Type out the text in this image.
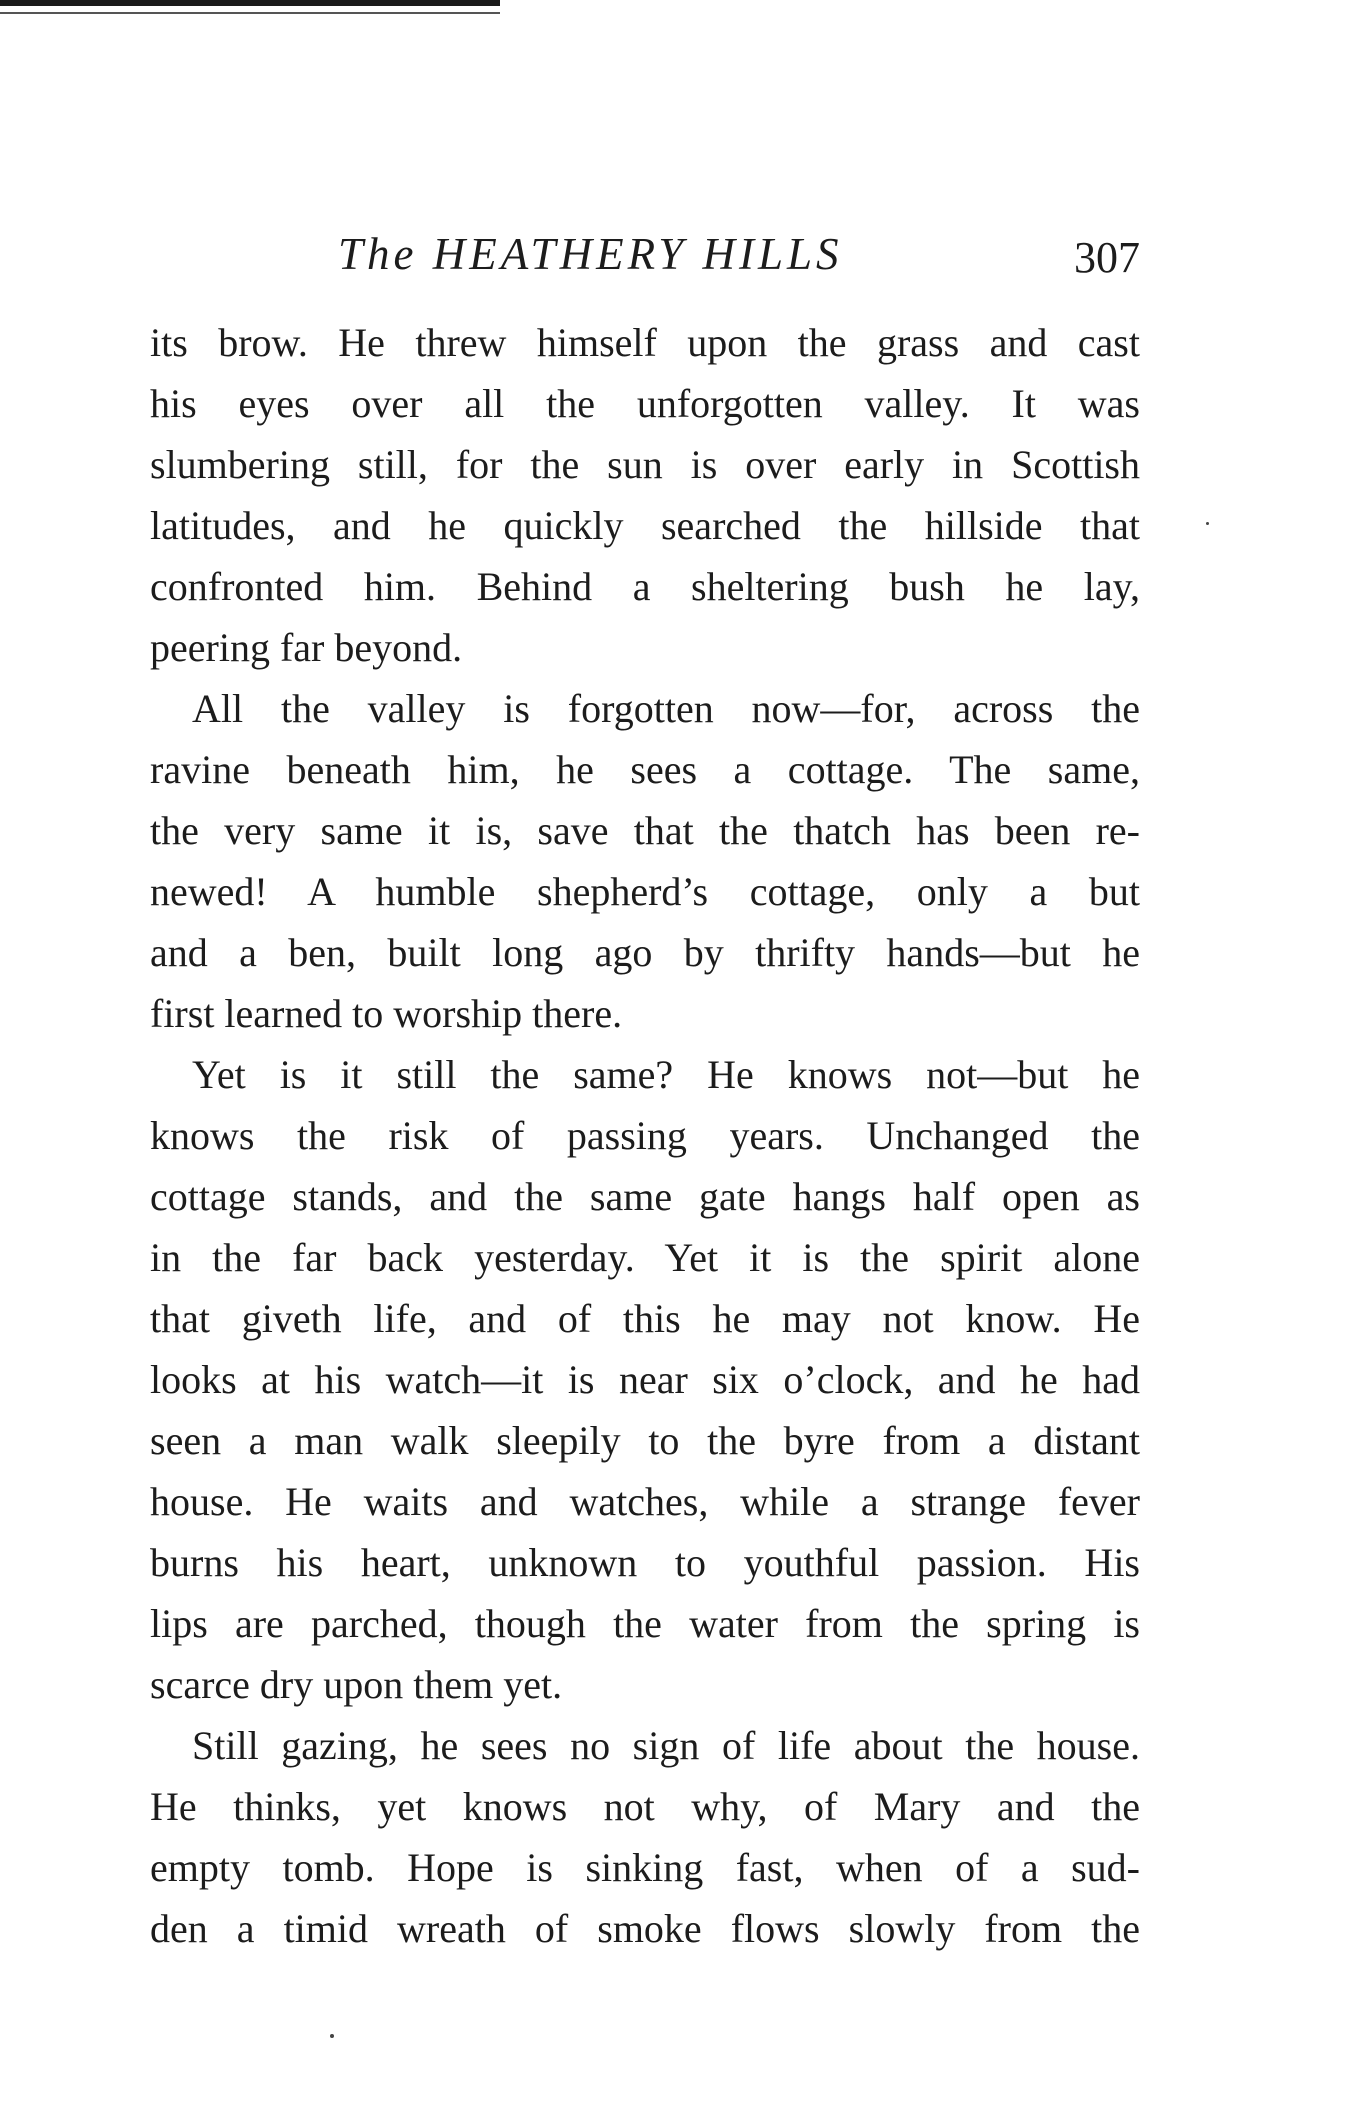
The HEATHERY HILLS	307
its brow. He threw himself upon the grass and cast
his eyes over all the unforgotten valley. It was
slumbering still, for the sun is over early in Scottish
latitudes, and he quickly searched the hillside that
confronted him. Behind a sheltering bush he lay,
peering far beyond.
All the valley is forgotten now—for, across the
ravine beneath him, he sees a cottage. The same,
the very same it is, save that the thatch has been re-
newed! A humble shepherd’s cottage, only a but
and a ben, built long ago by thrifty hands—but he
first learned to worship there.
Yet is it still the same? He knows not—but he
knows the risk of passing years. Unchanged the
cottage stands, and the same gate hangs half open as
in the far back yesterday. Yet it is the spirit alone
that giveth life, and of this he may not know. He
looks at his watch—it is near six o’clock, and he had
seen a man walk sleepily to the byre from a distant
house. He waits and watches, while a strange fever
burns his heart, unknown to youthful passion. His
lips are parched, though the water from the spring is
scarce dry upon them yet.
Still gazing, he sees no sign of life about the house.
He thinks, yet knows not why, of Mary and the
empty tomb. Hope is sinking fast, when of a sud-
den a timid wreath of smoke flows slowly from the
